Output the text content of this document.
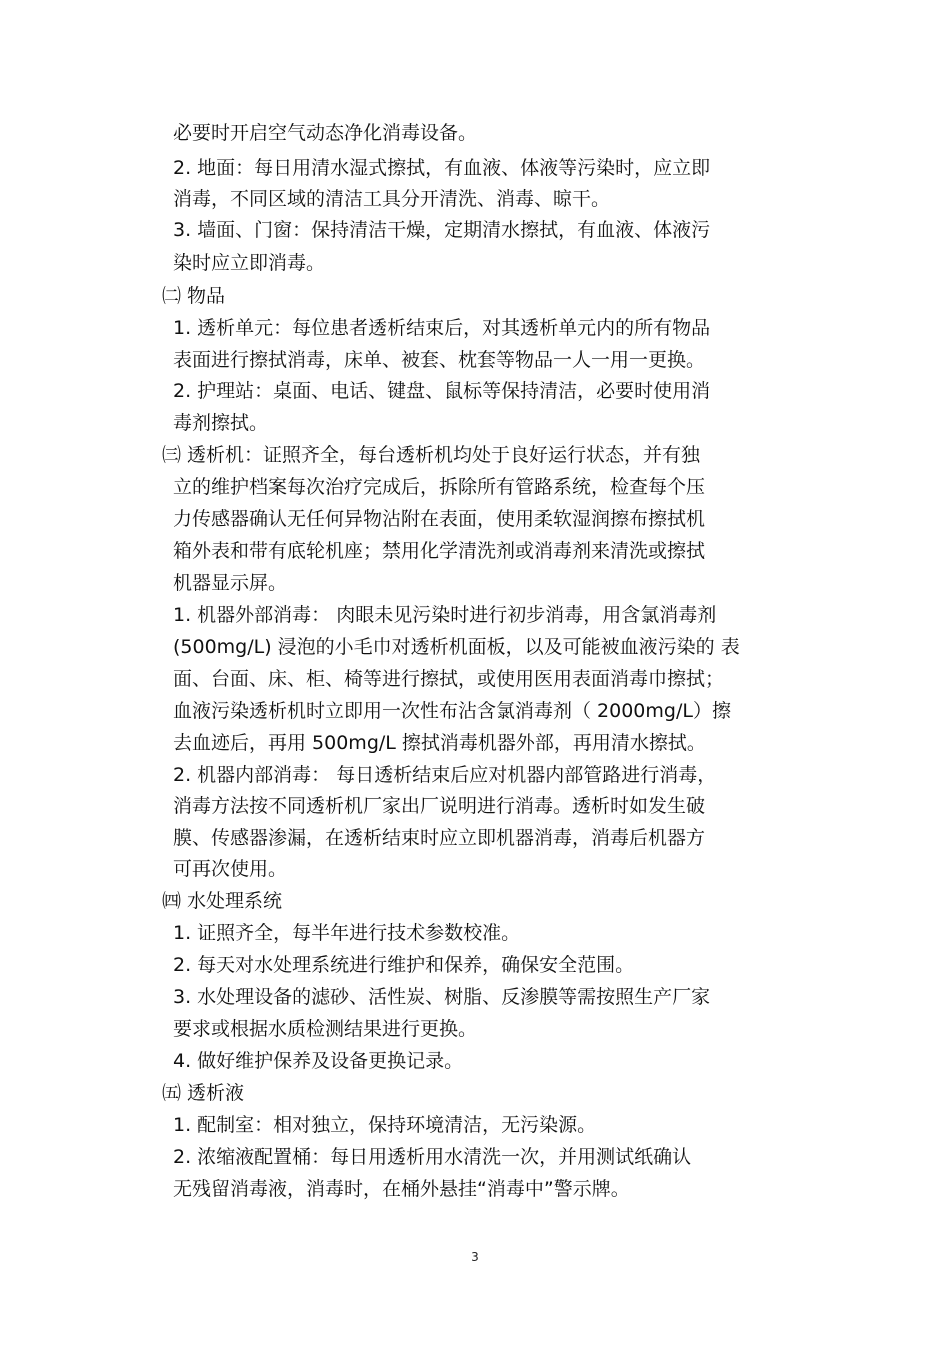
必要时开启空气动态净化消毒设备。
2. 地面：每日用清水湿式擦拭，有血液、体液等污染时，应立即
消毒，不同区域的清洁工具分开清洗、消毒、晾干。
3. 墙面、门窗：保持清洁干燥，定期清水擦拭，有血液、体液污
染时应立即消毒。
㈡ 物品
1. 透析单元：每位患者透析结束后，对其透析单元内的所有物品
表面进行擦拭消毒，床单、被套、枕套等物品一人一用一更换。
2. 护理站：桌面、电话、键盘、鼠标等保持清洁，必要时使用消
毒剂擦拭。
㈢ 透析机：证照齐全，每台透析机均处于良好运行状态，并有独
立的维护档案每次治疗完成后，拆除所有管路系统，检查每个压
力传感器确认无任何异物沾附在表面，使用柔软湿润擦布擦拭机
箱外表和带有底轮机座；禁用化学清洗剂或消毒剂来清洗或擦拭
机器显示屏。
1. 机器外部消毒： 肉眼未见污染时进行初步消毒，用含氯消毒剂
(500mg/L) 浸泡的小毛巾对透析机面板，以及可能被血液污染的 表
面、台面、床、柜、椅等进行擦拭，或使用医用表面消毒巾擦拭；
血液污染透析机时立即用一次性布沾含氯消毒剂（ 2000mg/L）擦
去血迹后，再用 500mg/L 擦拭消毒机器外部，再用清水擦拭。
2. 机器内部消毒： 每日透析结束后应对机器内部管路进行消毒，
消毒方法按不同透析机厂家出厂说明进行消毒。透析时如发生破
膜、传感器渗漏，在透析结束时应立即机器消毒，消毒后机器方
可再次使用。
㈣ 水处理系统
1. 证照齐全，每半年进行技术参数校准。
2. 每天对水处理系统进行维护和保养，确保安全范围。
3. 水处理设备的滤砂、活性炭、树脂、反渗膜等需按照生产厂家
要求或根据水质检测结果进行更换。
4. 做好维护保养及设备更换记录。
㈤ 透析液
1. 配制室：相对独立，保持环境清洁，无污染源。
2. 浓缩液配置桶：每日用透析用水清洗一次，并用测试纸确认
无残留消毒液，消毒时，在桶外悬挂“消毒中”警示牌。
3
